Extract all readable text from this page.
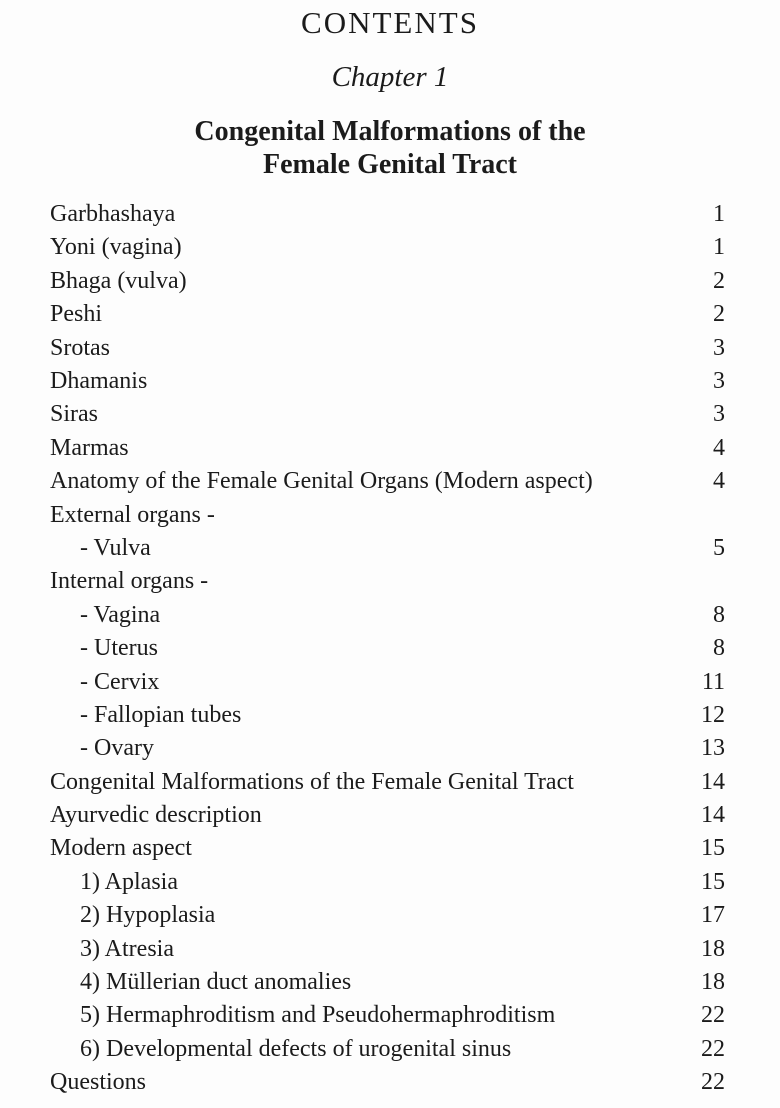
CONTENTS
Chapter 1
Congenital Malformations of the
Female Genital Tract
Garbhashaya	1
Yoni (vagina)	1
Bhaga (vulva)	2
Peshi	2
Srotas	3
Dhamanis	3
Siras	3
Marmas	4
Anatomy of the Female Genital Organs (Modern aspect)	4
External organs -
- Vulva	5
Internal organs -
- Vagina	8
- Uterus	8
- Cervix	11
- Fallopian tubes	12
- Ovary	13
Congenital Malformations of the Female Genital Tract	14
Ayurvedic description	14
Modern aspect	15
1) Aplasia	15
2) Hypoplasia	17
3) Atresia	18
4) Müllerian duct anomalies	18
5) Hermaphroditism and Pseudohermaphroditism	22
6) Developmental defects of urogenital sinus	22
Questions	22
